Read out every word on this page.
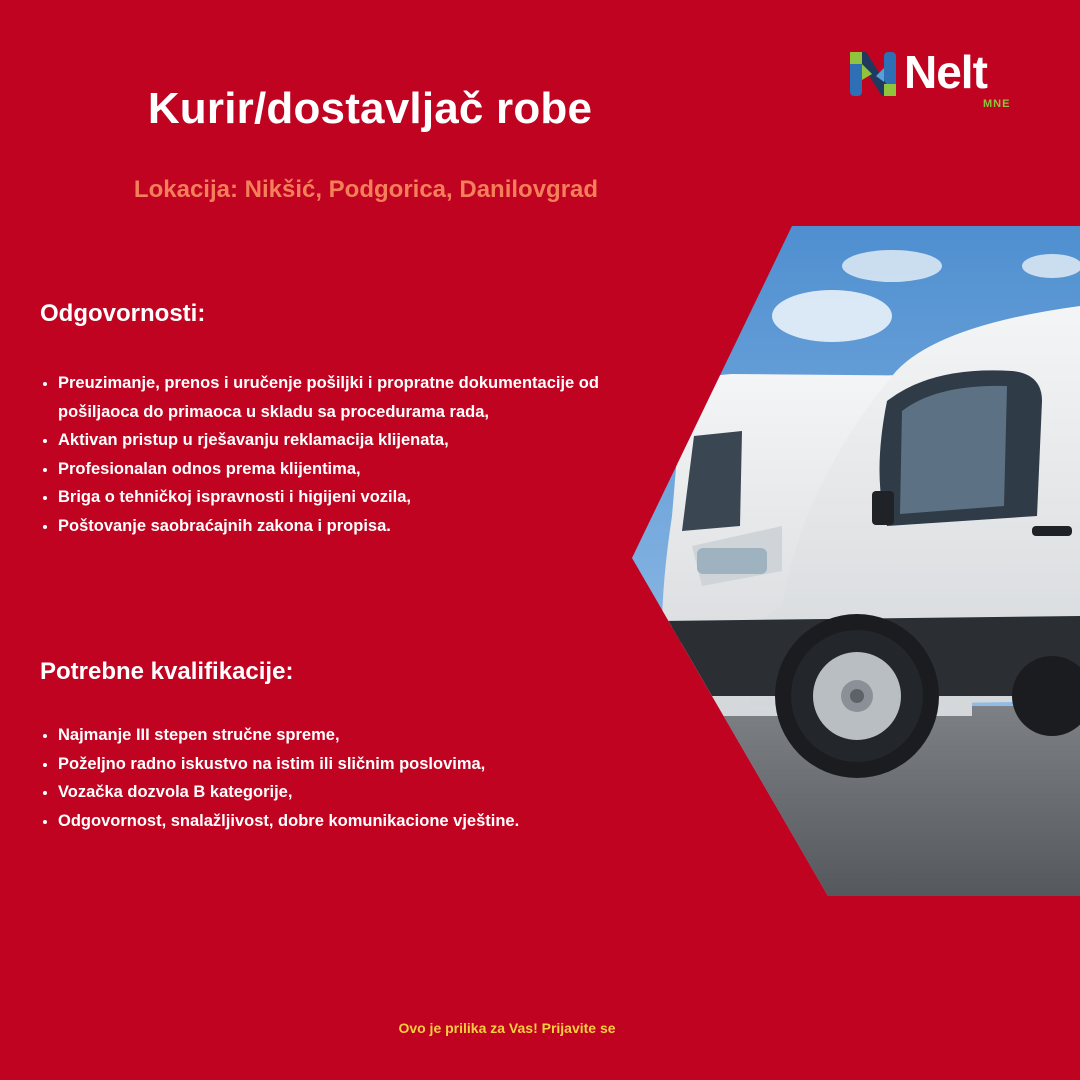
Kurir/dostavljač robe

Lokacija: Nikšić, Podgorica, Danilovgrad

Nelt
MNE
Odgovornosti:
• Preuzimanje, prenos i uručenje pošiljki i propratne dokumentacije od pošiljaoca do primaoca u skladu sa procedurama rada,
• Aktivan pristup u rješavanju reklamacija klijenata,
• Profesionalan odnos prema klijentima,
• Briga o tehničkoj ispravnosti i higijeni vozila,
• Poštovanje saobraćajnih zakona i propisa.
Potrebne kvalifikacije:
• Najmanje III stepen stručne spreme,
• Poželjno radno iskustvo na istim ili sličnim poslovima,
• Vozačka dozvola B kategorije,
• Odgovornost, snalažljivost, dobre komunikacione vještine.

Ovo je prilika za Vas! Prijavite se
